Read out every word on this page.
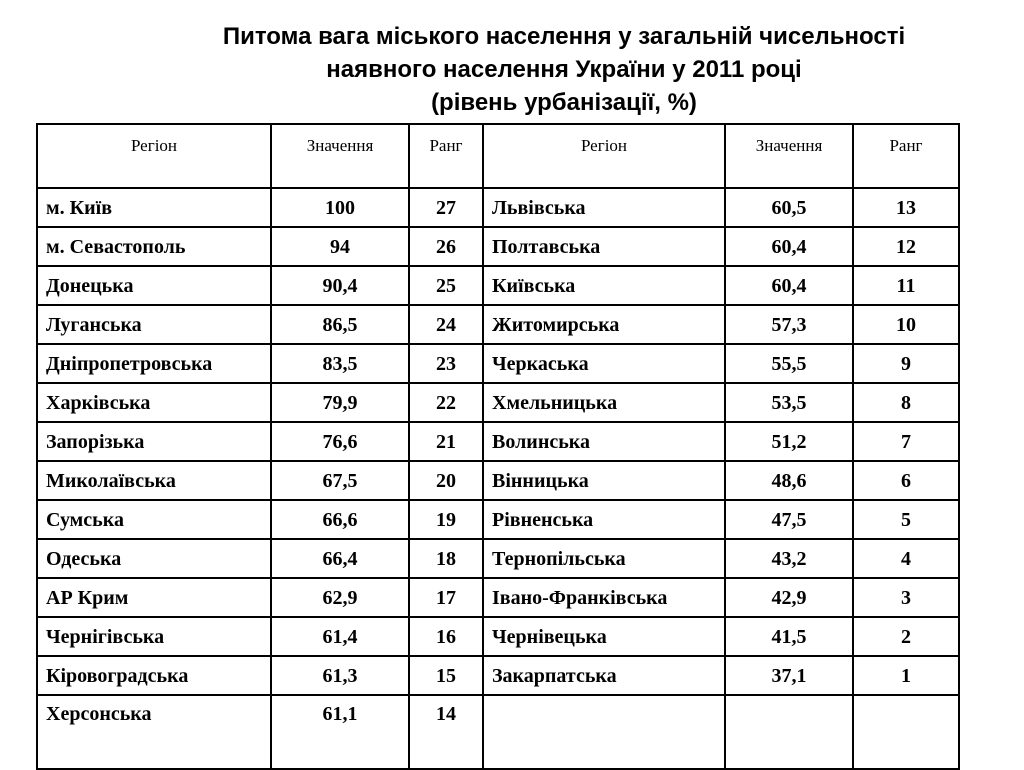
Питома вага міського населення у загальній чисельності
наявного населення України у 2011 році
(рівень урбанізації, %)
Регіон	Значення	Ранг	Регіон	Значення	Ранг
м. Київ	100	27	Львівська	60,5	13
м. Севастополь	94	26	Полтавська	60,4	12
Донецька	90,4	25	Київська	60,4	11
Луганська	86,5	24	Житомирська	57,3	10
Дніпропетровська	83,5	23	Черкаська	55,5	9
Харківська	79,9	22	Хмельницька	53,5	8
Запорізька	76,6	21	Волинська	51,2	7
Миколаївська	67,5	20	Вінницька	48,6	6
Сумська	66,6	19	Рівненська	47,5	5
Одеська	66,4	18	Тернопільська	43,2	4
АР Крим	62,9	17	Івано-Франківська	42,9	3
Чернігівська	61,4	16	Чернівецька	41,5	2
Кіровоградська	61,3	15	Закарпатська	37,1	1
Херсонська	61,1	14			
